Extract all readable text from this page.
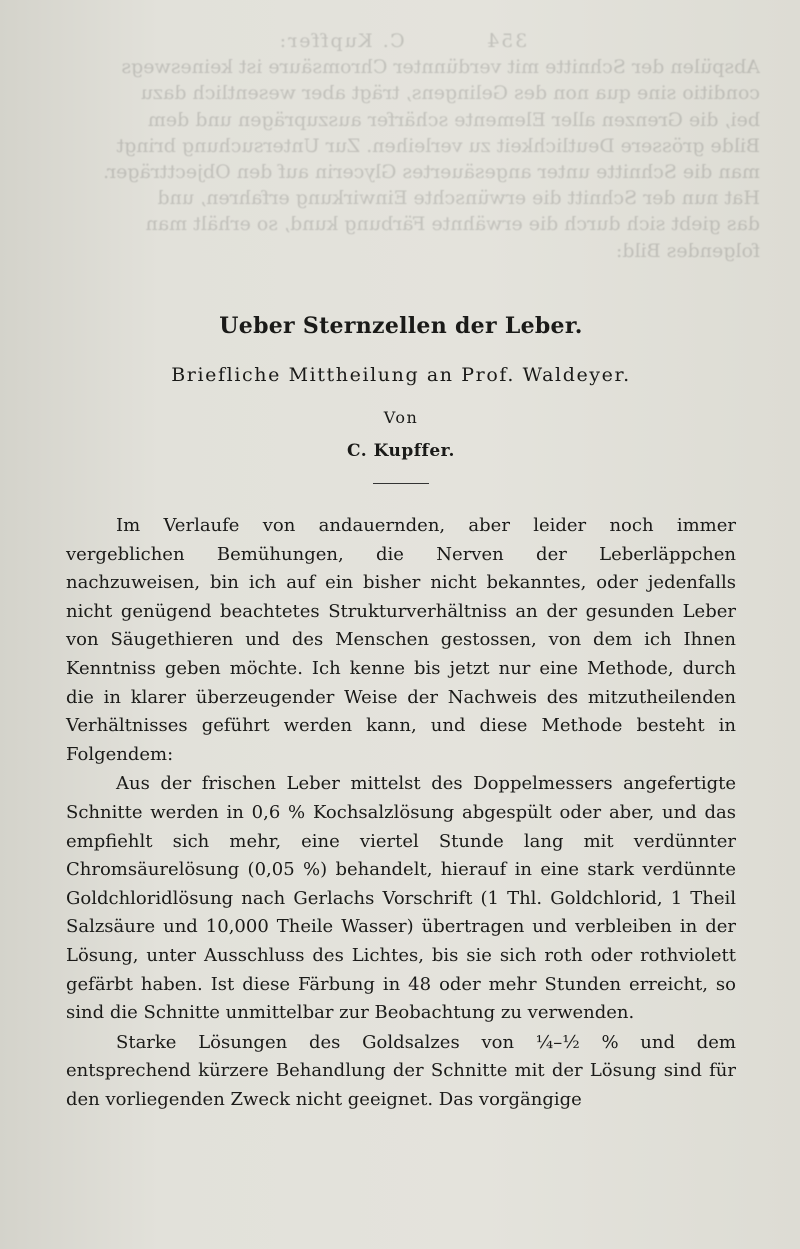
354          C. Kupffer:
Abspülen der Schnitte mit verdünnter Chromsäure ist keineswegs
conditio sine qua non des Gelingens, trägt aber wesentlich dazu
bei, die Grenzen aller Elemente schärfer auszuprägen und dem
Bilde grössere Deutlichkeit zu verleihen. Zur Untersuchung bringt
man die Schnitte unter angesäuertes Glycerin auf den Objectträger.
Hat nun der Schnitt die erwünschte Einwirkung erfahren, und
das giebt sich durch die erwähnte Färbung kund, so erhält man
folgendes Bild:
Ueber Sternzellen der Leber.
Briefliche Mittheilung an Prof. Waldeyer.
Von
C. Kupffer.

Im Verlaufe von andauernden, aber leider noch immer vergeblichen Bemühungen, die Nerven der Leberläppchen nachzuweisen, bin ich auf ein bisher nicht bekanntes, oder jedenfalls nicht genügend beachtetes Strukturverhältniss an der gesunden Leber von Säugethieren und des Menschen gestossen, von dem ich Ihnen Kenntniss geben möchte. Ich kenne bis jetzt nur eine Methode, durch die in klarer überzeugender Weise der Nachweis des mitzutheilenden Verhältnisses geführt werden kann, und diese Methode besteht in Folgendem:

Aus der frischen Leber mittelst des Doppelmessers angefertigte Schnitte werden in 0,6 % Kochsalzlösung abgespült oder aber, und das empfiehlt sich mehr, eine viertel Stunde lang mit verdünnter Chromsäurelösung (0,05 %) behandelt, hierauf in eine stark verdünnte Goldchloridlösung nach Gerlachs Vorschrift (1 Thl. Goldchlorid, 1 Theil Salzsäure und 10,000 Theile Wasser) übertragen und verbleiben in der Lösung, unter Ausschluss des Lichtes, bis sie sich roth oder rothviolett gefärbt haben. Ist diese Färbung in 48 oder mehr Stunden erreicht, so sind die Schnitte unmittelbar zur Beobachtung zu verwenden.

Starke Lösungen des Goldsalzes von ¼–½ % und dem entsprechend kürzere Behandlung der Schnitte mit der Lösung sind für den vorliegenden Zweck nicht geeignet. Das vorgängige
